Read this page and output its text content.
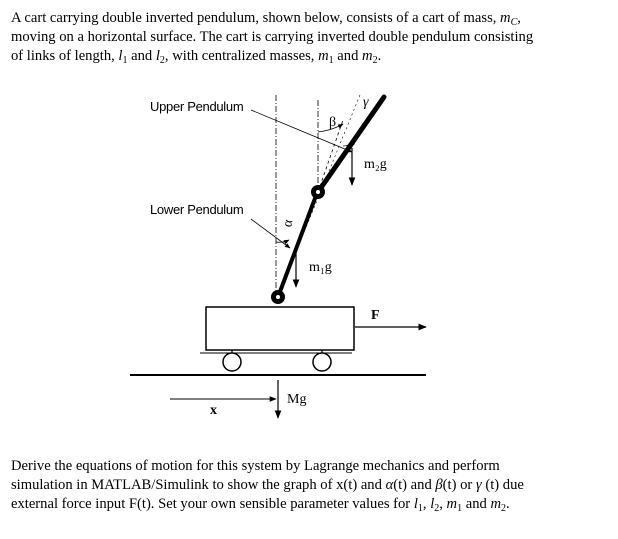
A cart carrying double inverted pendulum, shown below, consists of a cart of mass, $m_C$,
moving on a horizontal surface. The cart is carrying inverted double pendulum consisting
of links of length, $l_1$ and $l_2$, with centralized masses, $m_1$ and $m_2$.
Upper Pendulum
Lower Pendulum
γ
β
α
m₂g
m₁g
F
Mg
x
Derive the equations of motion for this system by Lagrange mechanics and perform
simulation in MATLAB/Simulink to show the graph of x(t) and α(t) and β(t) or γ (t) due
external force input F(t). Set your own sensible parameter values for $l_1$, $l_2$, $m_1$ and $m_2$.
